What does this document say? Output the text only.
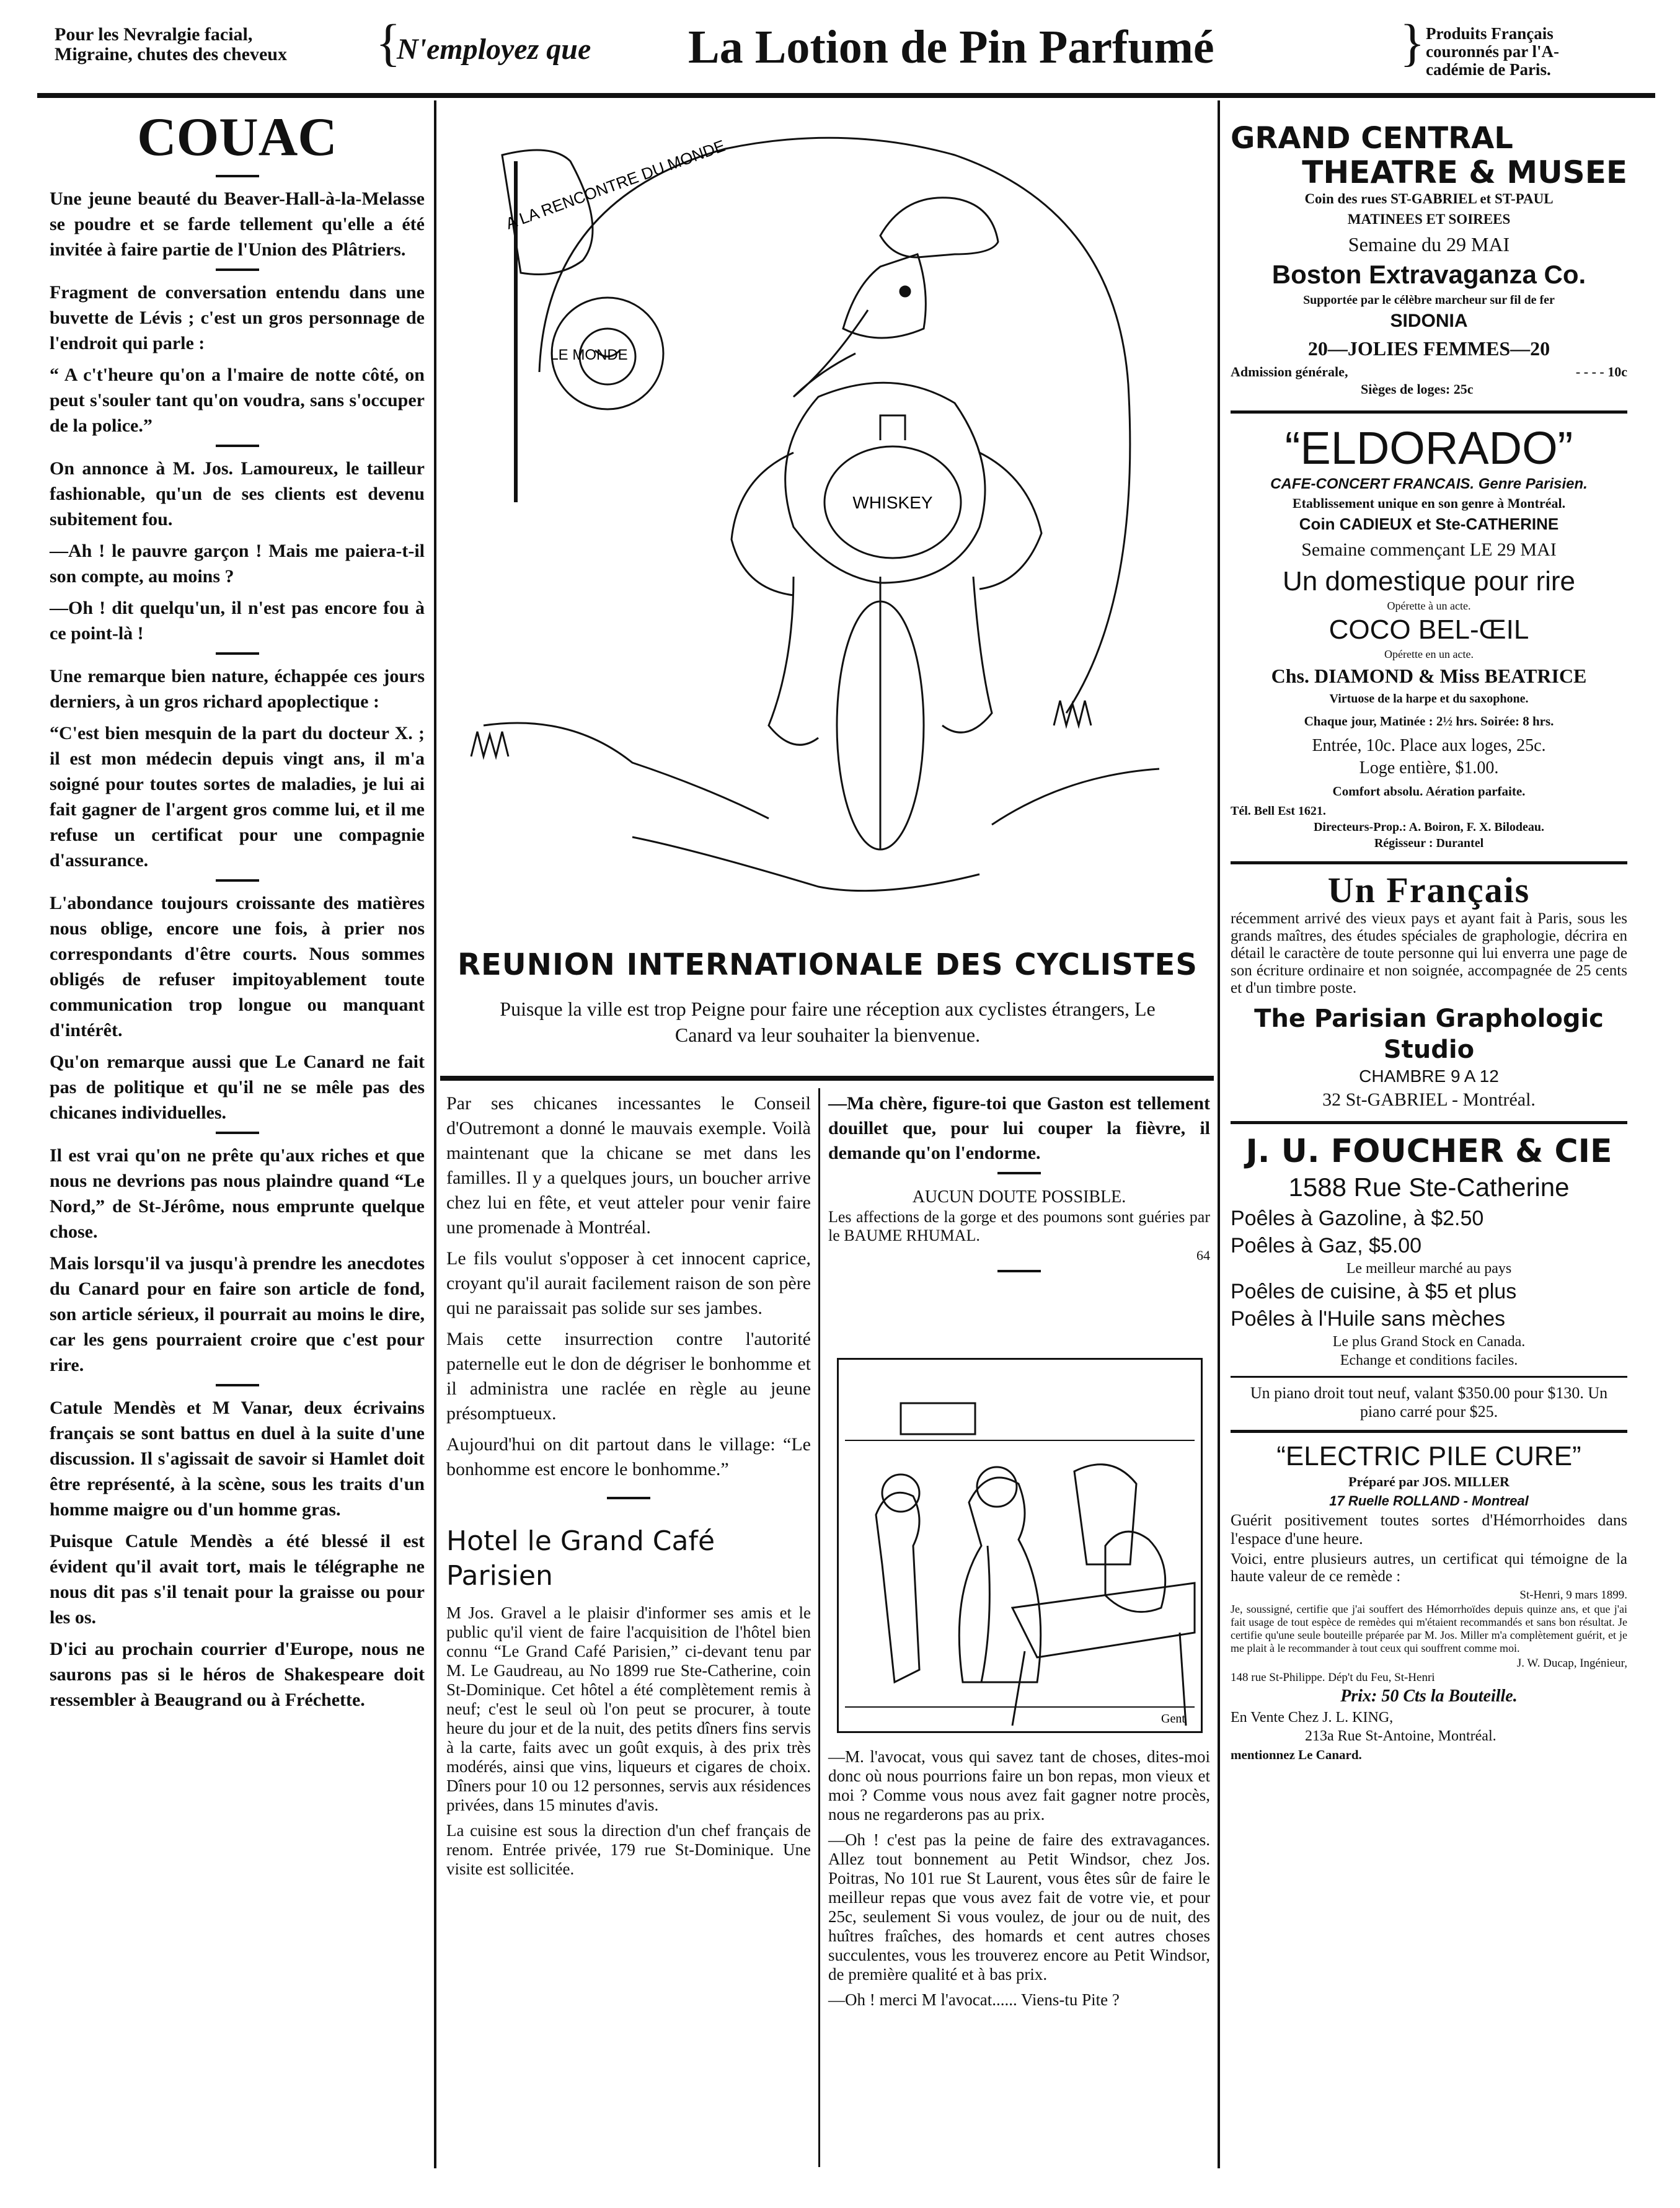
Pour les Nevralgie facial,
Migraine, chutes des cheveux	{
N'employez que La Lotion de Pin Parfumé	} Produits Français
couronnés par l'A-
cadémie de Paris.
COUAC

Une jeune beauté du Beaver-Hall-à-la-Melasse se poudre et se farde tellement qu'elle a été invitée à faire partie de l'Union des Plâtriers.

Fragment de conversation entendu dans une buvette de Lévis ; c'est un gros personnage de l'endroit qui parle :

“ A c't'heure qu'on a l'maire de notte côté, on peut s'souler tant qu'on voudra, sans s'occuper de la police.”

On annonce à M. Jos. Lamoureux, le tailleur fashionable, qu'un de ses clients est devenu subitement fou.

—Ah ! le pauvre garçon ! Mais me paiera-t-il son compte, au moins ?

—Oh ! dit quelqu'un, il n'est pas encore fou à ce point-là !

Une remarque bien nature, échappée ces jours derniers, à un gros richard apoplectique :

“C'est bien mesquin de la part du docteur X. ; il est mon médecin depuis vingt ans, il m'a soigné pour toutes sortes de maladies, je lui ai fait gagner de l'argent gros comme lui, et il me refuse un certificat pour une compagnie d'assurance.

L'abondance toujours croissante des matières nous oblige, encore une fois, à prier nos correspondants d'être courts. Nous sommes obligés de refuser impitoyablement toute communication trop longue ou manquant d'intérêt.

Qu'on remarque aussi que Le Canard ne fait pas de politique et qu'il ne se mêle pas des chicanes individuelles.

Il est vrai qu'on ne prête qu'aux riches et que nous ne devrions pas nous plaindre quand “Le Nord,” de St-Jérôme, nous emprunte quelque chose.

Mais lorsqu'il va jusqu'à prendre les anecdotes du Canard pour en faire son article de fond, son article sérieux, il pourrait au moins le dire, car les gens pourraient croire que c'est pour rire.

Catule Mendès et M Vanar, deux écrivains français se sont battus en duel à la suite d'une discussion. Il s'agissait de savoir si Hamlet doit être représenté, à la scène, sous les traits d'un homme maigre ou d'un homme gras.

Puisque Catule Mendès a été blessé il est évident qu'il avait tort, mais le télégraphe ne nous dit pas s'il tenait pour la graisse ou pour les os.

D'ici au prochain courrier d'Europe, nous ne saurons pas si le héros de Shakespeare doit ressembler à Beaugrand ou à Fréchette.

LE MONDE
WHISKEY
A LA RENCONTRE DU MONDE
REUNION INTERNATIONALE DES CYCLISTES
Puisque la ville est trop Peigne pour faire une réception aux cyclistes étrangers, Le Canard va leur souhaiter la bienvenue.

Par ses chicanes incessantes le Conseil d'Outremont a donné le mauvais exemple. Voilà maintenant que la chicane se met dans les familles. Il y a quelques jours, un boucher arrive chez lui en fête, et veut atteler pour venir faire une promenade à Montréal.

Le fils voulut s'opposer à cet innocent caprice, croyant qu'il aurait facilement raison de son père qui ne paraissait pas solide sur ses jambes.

Mais cette insurrection contre l'autorité paternelle eut le don de dégriser le bonhomme et il administra une raclée en règle au jeune présomptueux.

Aujourd'hui on dit partout dans le village: “Le bonhomme est encore le bonhomme.”

Hotel le Grand Café Parisien

M Jos. Gravel a le plaisir d'informer ses amis et le public qu'il vient de faire l'acquisition de l'hôtel bien connu “Le Grand Café Parisien,” ci-devant tenu par M. Le Gaudreau, au No 1899 rue Ste-Catherine, coin St-Dominique. Cet hôtel a été complètement remis à neuf; c'est le seul où l'on peut se procurer, à toute heure du jour et de la nuit, des petits dîners fins servis à la carte, faits avec un goût exquis, à des prix très modérés, ainsi que vins, liqueurs et cigares de choix. Dîners pour 10 ou 12 personnes, servis aux résidences privées, dans 15 minutes d'avis.

La cuisine est sous la direction d'un chef français de renom. Entrée privée, 179 rue St-Dominique. Une visite est sollicitée.

—Ma chère, figure-toi que Gaston est tellement douillet que, pour lui couper la fièvre, il demande qu'on l'endorme.

AUCUN DOUTE POSSIBLE.

Les affections de la gorge et des poumons sont guéries par le BAUME RHUMAL.

64
Gent

—M. l'avocat, vous qui savez tant de choses, dites-moi donc où nous pourrions faire un bon repas, mon vieux et moi ? Comme vous nous avez fait gagner notre procès, nous ne regarderons pas au prix.

—Oh ! c'est pas la peine de faire des extravagances. Allez tout bonnement au Petit Windsor, chez Jos. Poitras, No 101 rue St Laurent, vous êtes sûr de faire le meilleur repas que vous avez fait de votre vie, et pour 25c, seulement Si vous voulez, de jour ou de nuit, des huîtres fraîches, des homards et cent autres choses succulentes, vous les trouverez encore au Petit Windsor, de première qualité et à bas prix.

—Oh ! merci M l'avocat...... Viens-tu Pite ?

GRAND CENTRAL
THEATRE & MUSEE
Coin des rues ST-GABRIEL et ST-PAUL
MATINEES ET SOIREES
Semaine du 29 MAI
Boston Extravaganza Co.
Supportée par le célèbre marcheur sur fil de fer
SIDONIA
20—JOLIES FEMMES—20
Admission générale,	- - - - 10c
Sièges de loges: 25c
“ELDORADO”
CAFE-CONCERT FRANCAIS. Genre Parisien.
Etablissement unique en son genre à Montréal.
Coin CADIEUX et Ste-CATHERINE
Semaine commençant LE 29 MAI
Un domestique pour rire
Opérette à un acte.
COCO BEL-ŒIL
Opérette en un acte.
Chs. DIAMOND & Miss BEATRICE
Virtuose de la harpe et du saxophone.
Chaque jour, Matinée : 2½ hrs. Soirée: 8 hrs.
Entrée, 10c. Place aux loges, 25c.
Loge entière, $1.00.
Comfort absolu. Aération parfaite.
Tél. Bell Est 1621.
Directeurs-Prop.: A. Boiron, F. X. Bilodeau.
Régisseur : Durantel
Un Français

récemment arrivé des vieux pays et ayant fait à Paris, sous les grands maîtres, des études spéciales de graphologie, décrira en détail le caractère de toute personne qui lui enverra une page de son écriture ordinaire et non soignée, accompagnée de 25 cents et d'un timbre poste.

The Parisian Graphologic Studio
CHAMBRE 9 A 12
32 St-GABRIEL - Montréal.
J. U. FOUCHER & CIE
1588 Rue Ste-Catherine
Poêles à Gazoline, à $2.50
Poêles à Gaz, $5.00
Le meilleur marché au pays
Poêles de cuisine, à $5 et plus
Poêles à l'Huile sans mèches
Le plus Grand Stock en Canada.
Echange et conditions faciles.
Un piano droit tout neuf, valant $350.00 pour $130. Un piano carré pour $25.
“ELECTRIC PILE CURE”
Préparé par JOS. MILLER
17 Ruelle ROLLAND - Montreal

Guérit positivement toutes sortes d'Hémorrhoides dans l'espace d'une heure.

Voici, entre plusieurs autres, un certificat qui témoigne de la haute valeur de ce remède :

St-Henri, 9 mars 1899.

Je, soussigné, certifie que j'ai souffert des Hémorrhoïdes depuis quinze ans, et que j'ai fait usage de tout espèce de remèdes qui m'étaient recommandés et sans bon résultat. Je certifie qu'une seule bouteille préparée par M. Jos. Miller m'a complètement guérit, et je me plait à le recommander à tout ceux qui souffrent comme moi.

J. W. Ducap, Ingénieur,
148 rue St-Philippe. Dép't du Feu, St-Henri
Prix: 50 Cts la Bouteille.
En Vente Chez J. L. KING,
213a Rue St-Antoine, Montréal.
mentionnez Le Canard.
